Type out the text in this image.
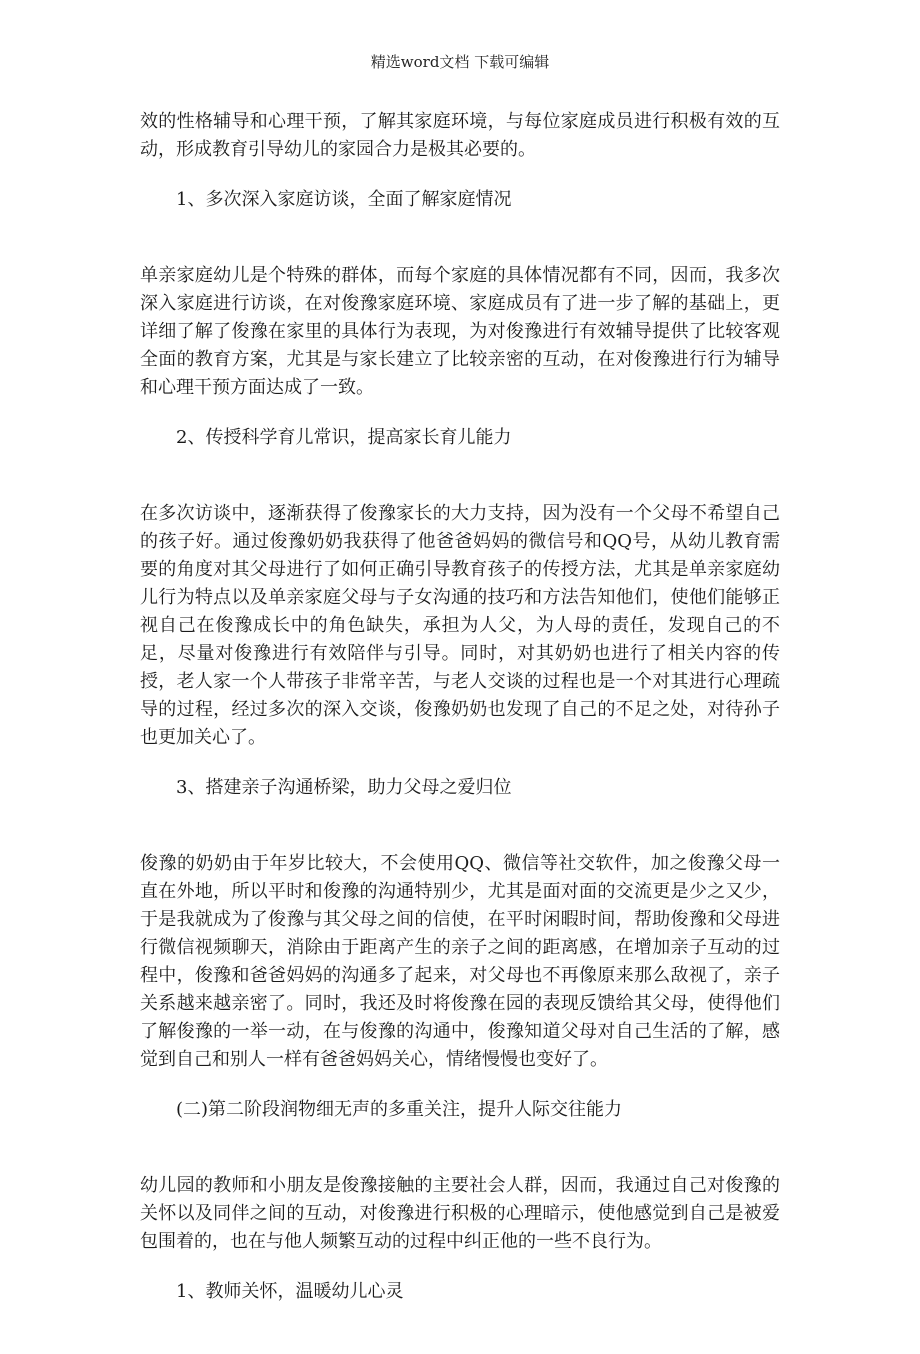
精选word文档 下载可编辑

效的性格辅导和心理干预，了解其家庭环境，与每位家庭成员进行积极有效的互动，形成教育引导幼儿的家园合力是极其必要的。

1、多次深入家庭访谈，全面了解家庭情况

单亲家庭幼儿是个特殊的群体，而每个家庭的具体情况都有不同，因而，我多次深入家庭进行访谈，在对俊豫家庭环境、家庭成员有了进一步了解的基础上，更详细了解了俊豫在家里的具体行为表现，为对俊豫进行有效辅导提供了比较客观全面的教育方案，尤其是与家长建立了比较亲密的互动，在对俊豫进行行为辅导和心理干预方面达成了一致。

2、传授科学育儿常识，提高家长育儿能力

在多次访谈中，逐渐获得了俊豫家长的大力支持，因为没有一个父母不希望自己的孩子好。通过俊豫奶奶我获得了他爸爸妈妈的微信号和QQ号，从幼儿教育需要的角度对其父母进行了如何正确引导教育孩子的传授方法，尤其是单亲家庭幼儿行为特点以及单亲家庭父母与子女沟通的技巧和方法告知他们，使他们能够正视自己在俊豫成长中的角色缺失，承担为人父，为人母的责任，发现自己的不足，尽量对俊豫进行有效陪伴与引导。同时，对其奶奶也进行了相关内容的传授，老人家一个人带孩子非常辛苦，与老人交谈的过程也是一个对其进行心理疏导的过程，经过多次的深入交谈，俊豫奶奶也发现了自己的不足之处，对待孙子也更加关心了。

3、搭建亲子沟通桥梁，助力父母之爱归位

俊豫的奶奶由于年岁比较大，不会使用QQ、微信等社交软件，加之俊豫父母一直在外地，所以平时和俊豫的沟通特别少，尤其是面对面的交流更是少之又少，于是我就成为了俊豫与其父母之间的信使，在平时闲暇时间，帮助俊豫和父母进行微信视频聊天，消除由于距离产生的亲子之间的距离感，在增加亲子互动的过程中，俊豫和爸爸妈妈的沟通多了起来，对父母也不再像原来那么敌视了，亲子关系越来越亲密了。同时，我还及时将俊豫在园的表现反馈给其父母，使得他们了解俊豫的一举一动，在与俊豫的沟通中，俊豫知道父母对自己生活的了解，感觉到自己和别人一样有爸爸妈妈关心，情绪慢慢也变好了。

(二)第二阶段润物细无声的多重关注，提升人际交往能力

幼儿园的教师和小朋友是俊豫接触的主要社会人群，因而，我通过自己对俊豫的关怀以及同伴之间的互动，对俊豫进行积极的心理暗示，使他感觉到自己是被爱包围着的，也在与他人频繁互动的过程中纠正他的一些不良行为。

1、教师关怀，温暖幼儿心灵
